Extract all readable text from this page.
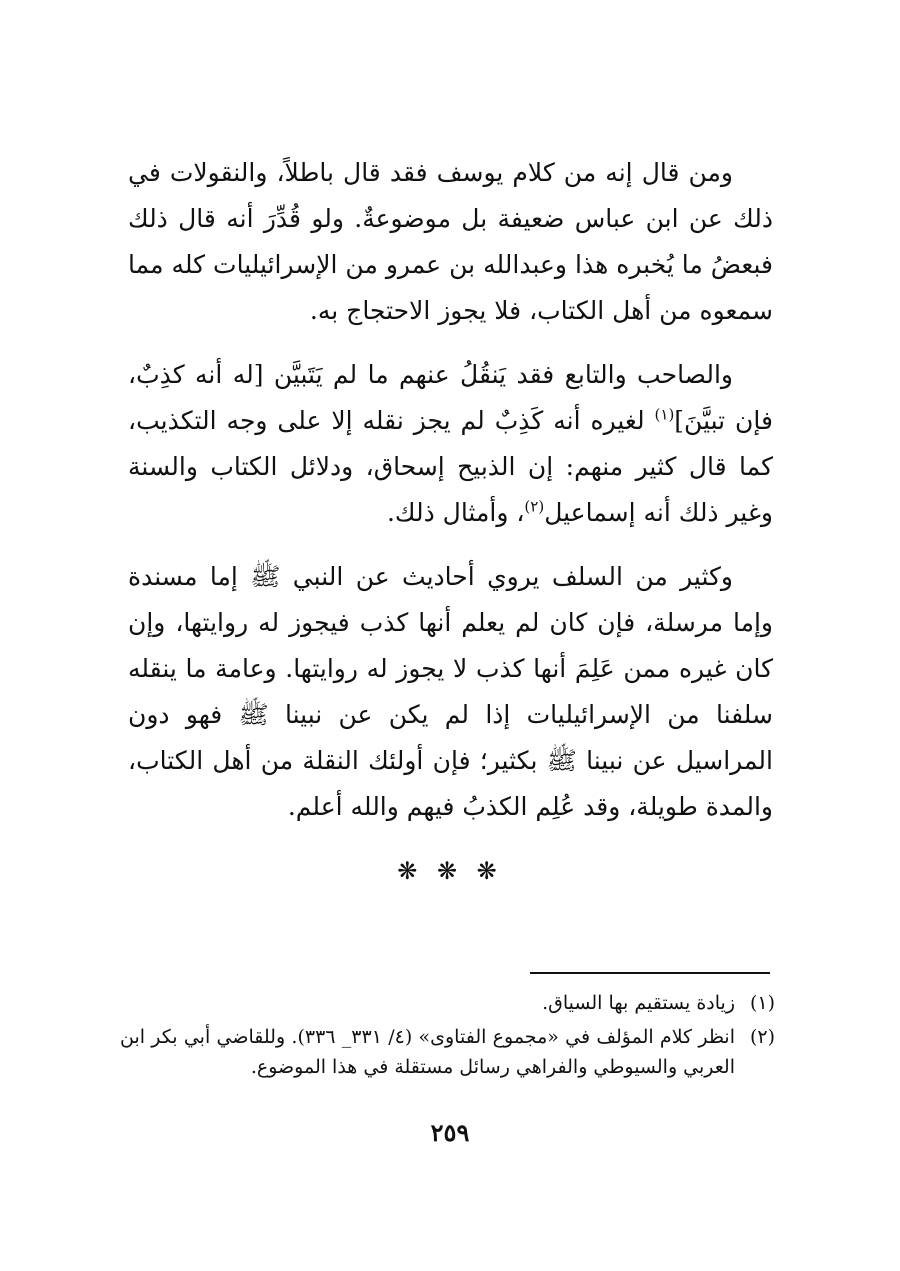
ومن قال إنه من كلام يوسف فقد قال باطلاً، والنقولات في ذلك عن ابن عباس ضعيفة بل موضوعةٌ. ولو قُدِّرَ أنه قال ذلك فبعضُ ما يُخبره هذا وعبدالله بن عمرو من الإسرائيليات كله مما سمعوه من أهل الكتاب، فلا يجوز الاحتجاج به.

والصاحب والتابع فقد يَنقُلُ عنهم ما لم يَتَبيَّن [له أنه كذِبٌ، فإن تبيَّنَ]$^{(١)}$ لغيره أنه كَذِبٌ لم يجز نقله إلا على وجه التكذيب، كما قال كثير منهم: إن الذبيح إسحاق، ودلائل الكتاب والسنة وغير ذلك أنه إسماعيل$^{(٢)}$، وأمثال ذلك.

وكثير من السلف يروي أحاديث عن النبي ﷺ إما مسندة وإما مرسلة، فإن كان لم يعلم أنها كذب فيجوز له روايتها، وإن كان غيره ممن عَلِمَ أنها كذب لا يجوز له روايتها. وعامة ما ينقله سلفنا من الإسرائيليات إذا لم يكن عن نبينا ﷺ فهو دون المراسيل عن نبينا ﷺ بكثير؛ فإن أولئك النقلة من أهل الكتاب، والمدة طويلة، وقد عُلِم الكذبُ فيهم والله أعلم.

❋ ❋ ❋
(١)
زيادة يستقيم بها السياق.
(٢)
انظر كلام المؤلف في «مجموع الفتاوى» (٤/ ٣٣١_ ٣٣٦). وللقاضي أبي بكر ابن العربي والسيوطي والفراهي رسائل مستقلة في هذا الموضوع.
٢٥٩
